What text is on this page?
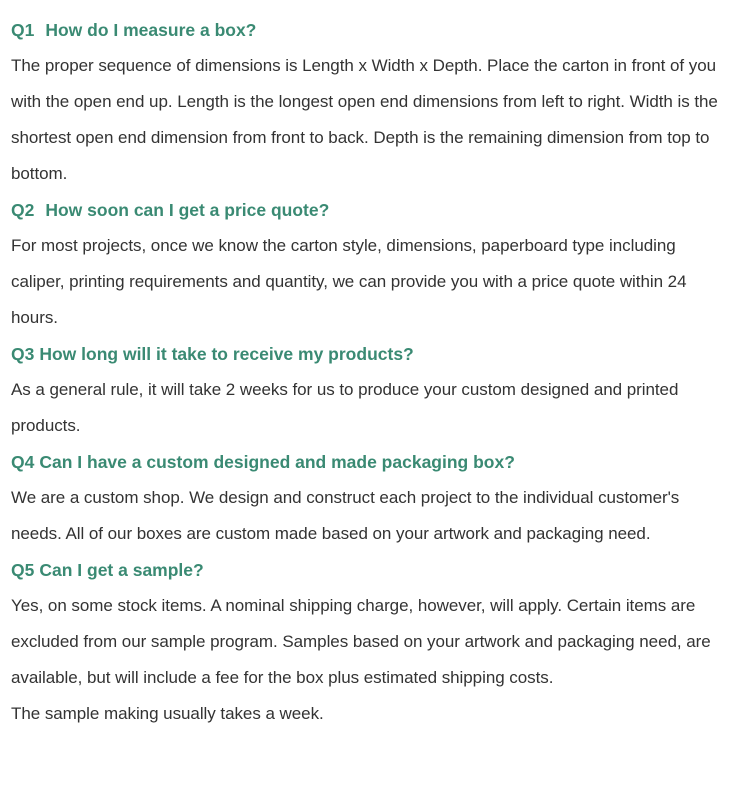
Q1 How do I measure a box?

The proper sequence of dimensions is Length x Width x Depth. Place the carton in front of you
with the open end up. Length is the longest open end dimensions from left to right. Width is the
shortest open end dimension from front to back. Depth is the remaining dimension from top to
bottom.

Q2 How soon can I get a price quote?

For most projects, once we know the carton style, dimensions, paperboard type including
caliper, printing requirements and quantity, we can provide you with a price quote within 24
hours.

Q3 How long will it take to receive my products?

As a general rule, it will take 2 weeks for us to produce your custom designed and printed
products.

Q4 Can I have a custom designed and made packaging box?

We are a custom shop. We design and construct each project to the individual customer's
needs. All of our boxes are custom made based on your artwork and packaging need.

Q5 Can I get a sample?

Yes, on some stock items. A nominal shipping charge, however, will apply. Certain items are
excluded from our sample program. Samples based on your artwork and packaging need, are
available, but will include a fee for the box plus estimated shipping costs.
The sample making usually takes a week.
